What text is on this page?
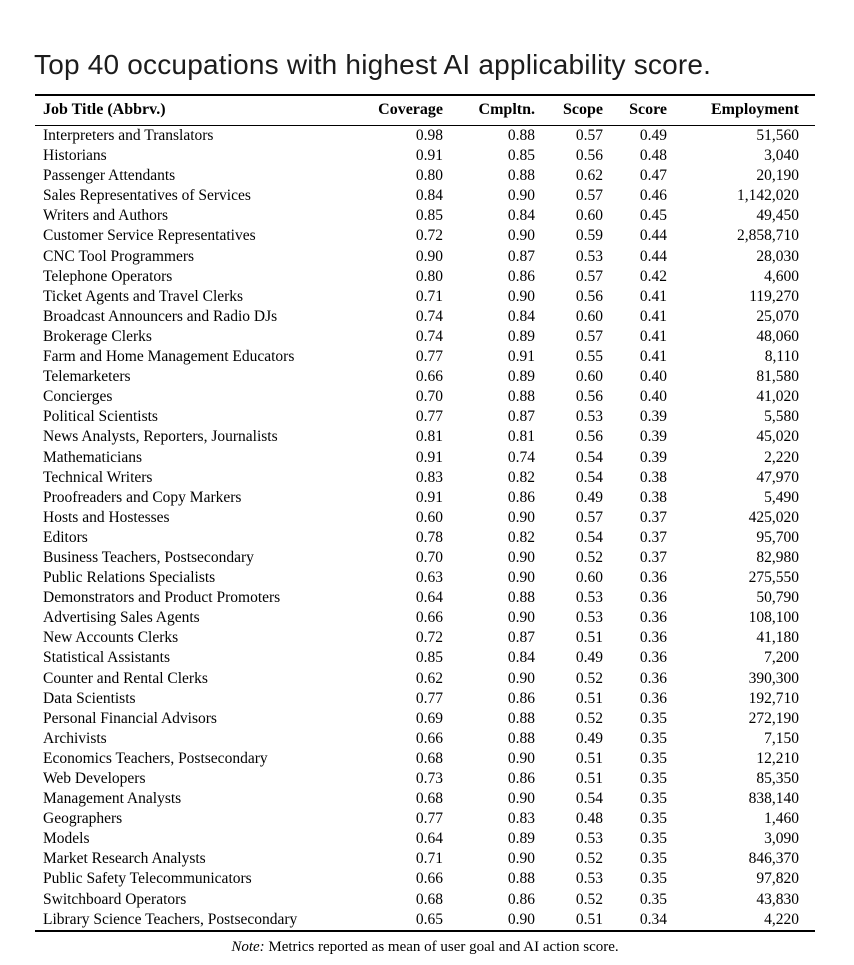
Top 40 occupations with highest AI applicability score.
Job Title (Abbrv.)	Coverage	Cmpltn.	Scope	Score	Employment
Interpreters and Translators	0.98	0.88	0.57	0.49	51,560
Historians	0.91	0.85	0.56	0.48	3,040
Passenger Attendants	0.80	0.88	0.62	0.47	20,190
Sales Representatives of Services	0.84	0.90	0.57	0.46	1,142,020
Writers and Authors	0.85	0.84	0.60	0.45	49,450
Customer Service Representatives	0.72	0.90	0.59	0.44	2,858,710
CNC Tool Programmers	0.90	0.87	0.53	0.44	28,030
Telephone Operators	0.80	0.86	0.57	0.42	4,600
Ticket Agents and Travel Clerks	0.71	0.90	0.56	0.41	119,270
Broadcast Announcers and Radio DJs	0.74	0.84	0.60	0.41	25,070
Brokerage Clerks	0.74	0.89	0.57	0.41	48,060
Farm and Home Management Educators	0.77	0.91	0.55	0.41	8,110
Telemarketers	0.66	0.89	0.60	0.40	81,580
Concierges	0.70	0.88	0.56	0.40	41,020
Political Scientists	0.77	0.87	0.53	0.39	5,580
News Analysts, Reporters, Journalists	0.81	0.81	0.56	0.39	45,020
Mathematicians	0.91	0.74	0.54	0.39	2,220
Technical Writers	0.83	0.82	0.54	0.38	47,970
Proofreaders and Copy Markers	0.91	0.86	0.49	0.38	5,490
Hosts and Hostesses	0.60	0.90	0.57	0.37	425,020
Editors	0.78	0.82	0.54	0.37	95,700
Business Teachers, Postsecondary	0.70	0.90	0.52	0.37	82,980
Public Relations Specialists	0.63	0.90	0.60	0.36	275,550
Demonstrators and Product Promoters	0.64	0.88	0.53	0.36	50,790
Advertising Sales Agents	0.66	0.90	0.53	0.36	108,100
New Accounts Clerks	0.72	0.87	0.51	0.36	41,180
Statistical Assistants	0.85	0.84	0.49	0.36	7,200
Counter and Rental Clerks	0.62	0.90	0.52	0.36	390,300
Data Scientists	0.77	0.86	0.51	0.36	192,710
Personal Financial Advisors	0.69	0.88	0.52	0.35	272,190
Archivists	0.66	0.88	0.49	0.35	7,150
Economics Teachers, Postsecondary	0.68	0.90	0.51	0.35	12,210
Web Developers	0.73	0.86	0.51	0.35	85,350
Management Analysts	0.68	0.90	0.54	0.35	838,140
Geographers	0.77	0.83	0.48	0.35	1,460
Models	0.64	0.89	0.53	0.35	3,090
Market Research Analysts	0.71	0.90	0.52	0.35	846,370
Public Safety Telecommunicators	0.66	0.88	0.53	0.35	97,820
Switchboard Operators	0.68	0.86	0.52	0.35	43,830
Library Science Teachers, Postsecondary	0.65	0.90	0.51	0.34	4,220
Note: Metrics reported as mean of user goal and AI action score.
